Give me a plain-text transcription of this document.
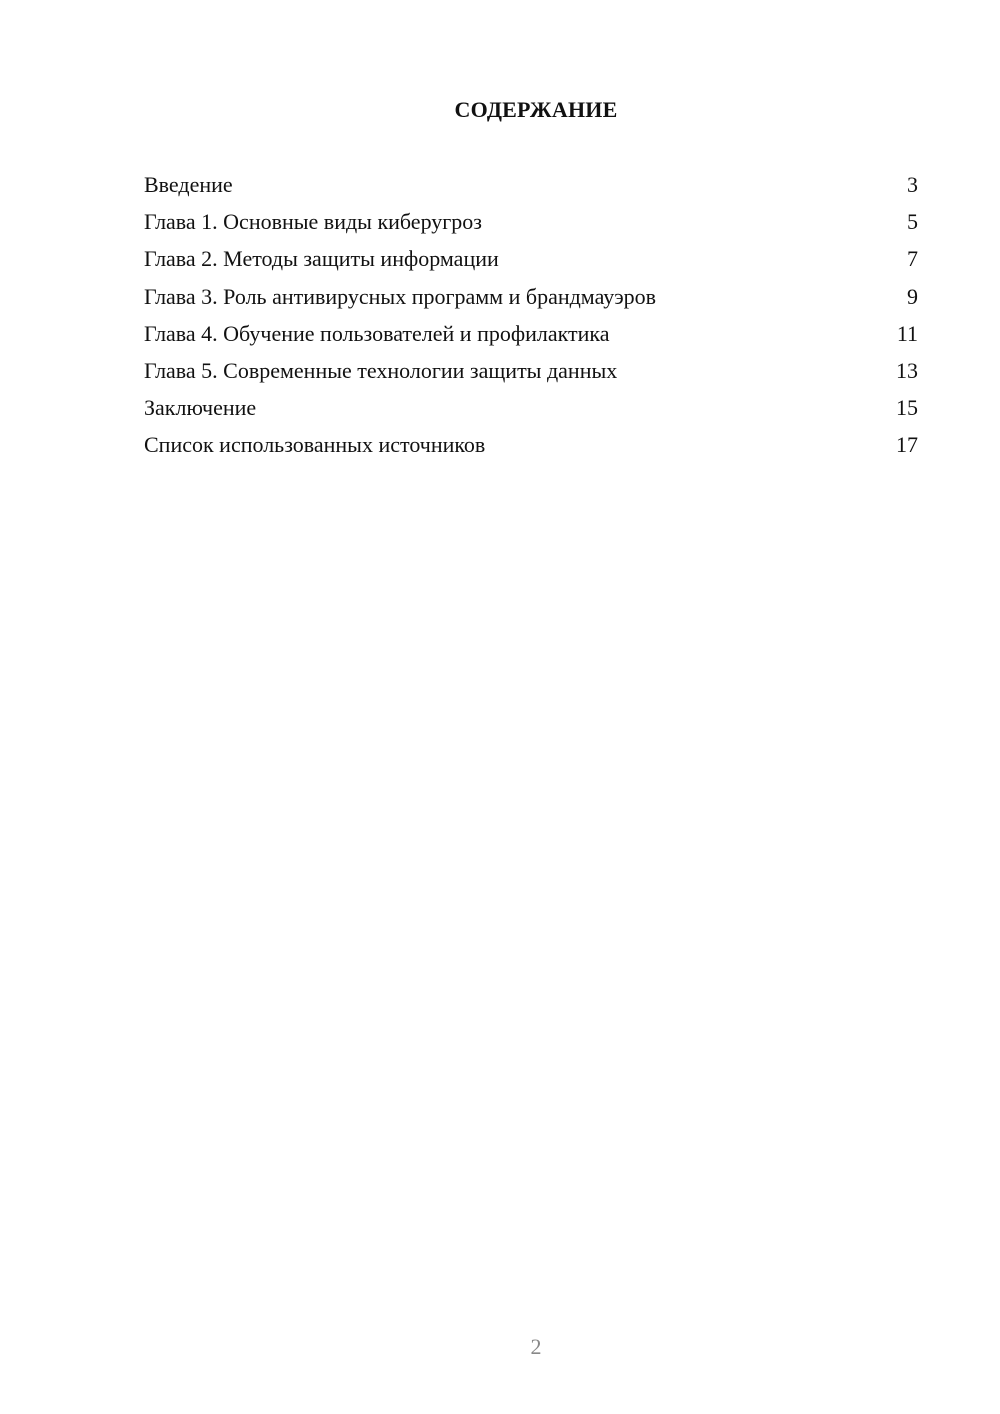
СОДЕРЖАНИЕ
Введение	3
Глава 1. Основные виды киберугроз	5
Глава 2. Методы защиты информации	7
Глава 3. Роль антивирусных программ и брандмауэров	9
Глава 4. Обучение пользователей и профилактика	11
Глава 5. Современные технологии защиты данных	13
Заключение	15
Список использованных источников	17
2
